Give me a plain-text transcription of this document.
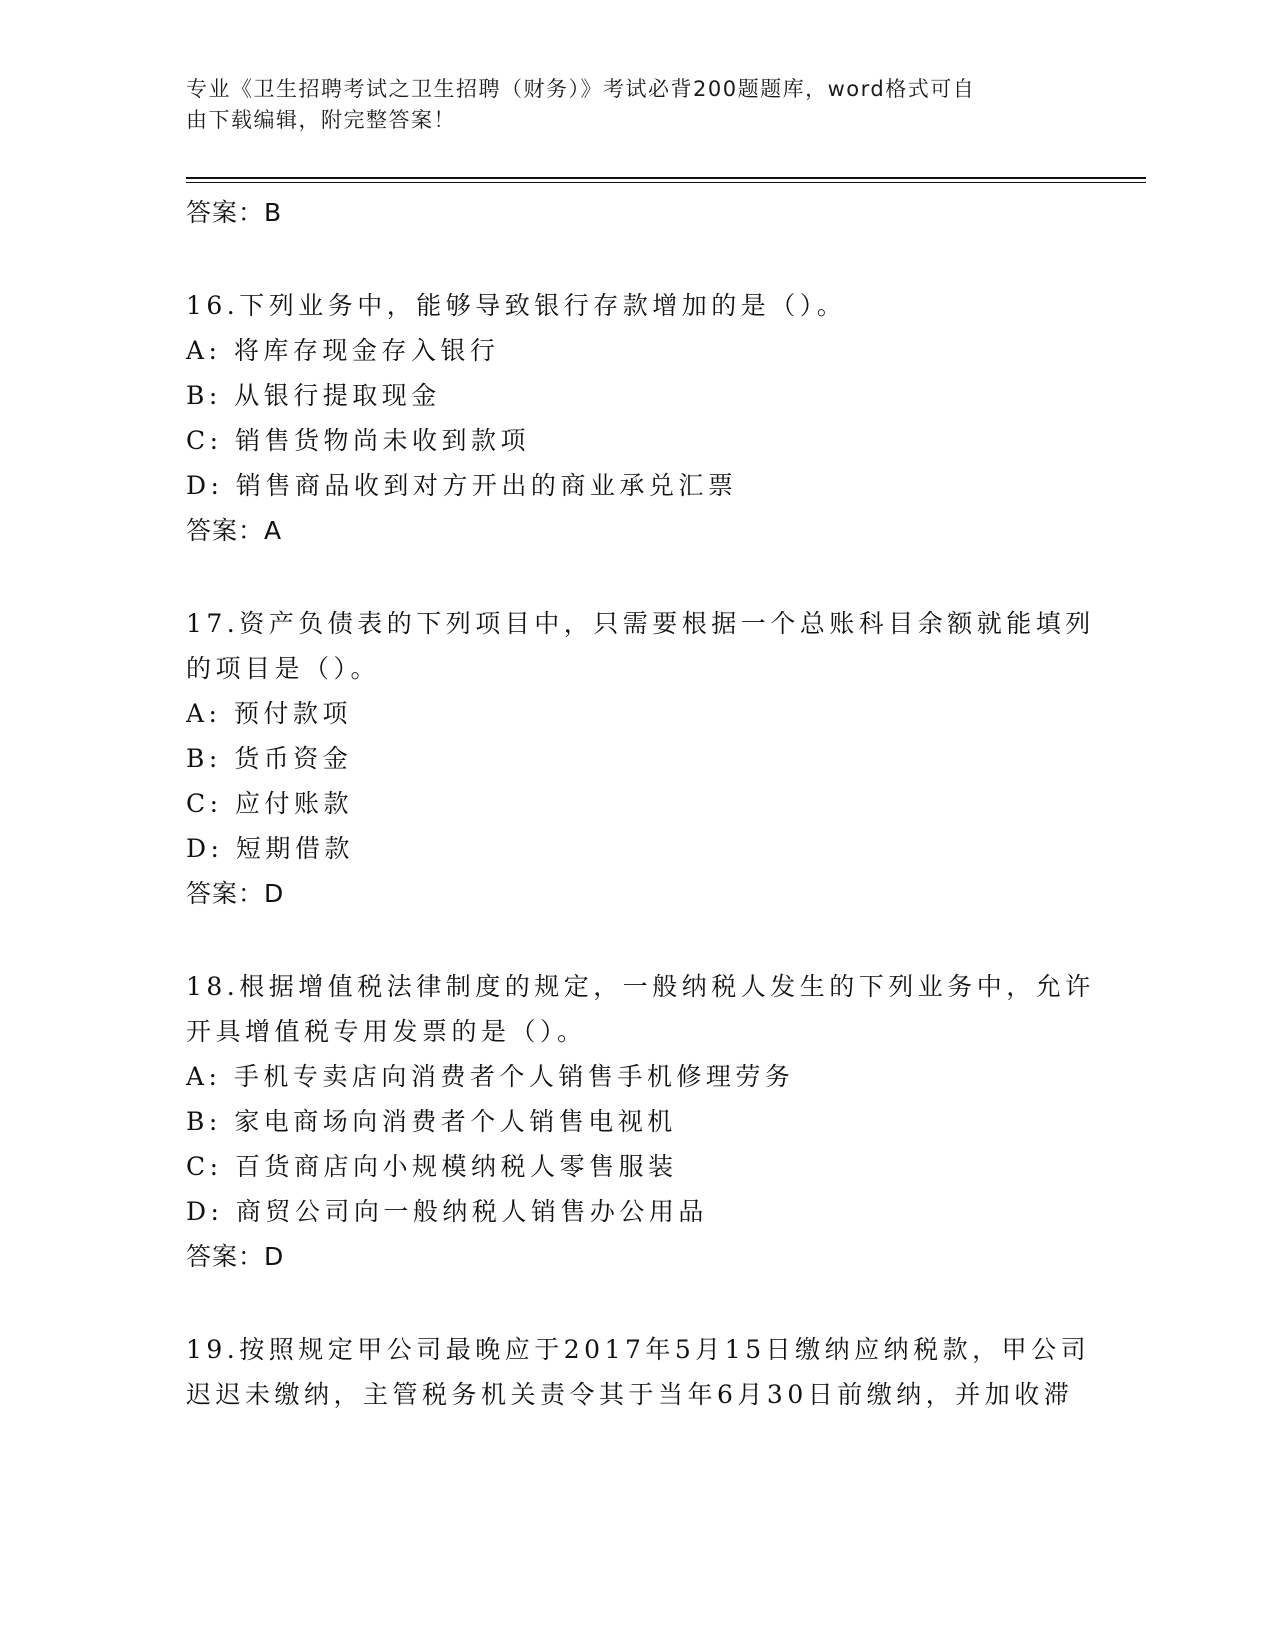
专业《卫生招聘考试之卫生招聘（财务）》考试必背200题题库，word格式可自
由下载编辑，附完整答案！
答案：B
16.下列业务中，能够导致银行存款增加的是（）。
A: 将库存现金存入银行
B: 从银行提取现金
C: 销售货物尚未收到款项
D: 销售商品收到对方开出的商业承兑汇票
答案：A
17.资产负债表的下列项目中，只需要根据一个总账科目余额就能填列
的项目是（）。
A: 预付款项
B: 货币资金
C: 应付账款
D: 短期借款
答案：D
18.根据增值税法律制度的规定，一般纳税人发生的下列业务中，允许
开具增值税专用发票的是（）。
A: 手机专卖店向消费者个人销售手机修理劳务
B: 家电商场向消费者个人销售电视机
C: 百货商店向小规模纳税人零售服装
D: 商贸公司向一般纳税人销售办公用品
答案：D
19.按照规定甲公司最晚应于2017年5月15日缴纳应纳税款，甲公司
迟迟未缴纳，主管税务机关责令其于当年6月30日前缴纳，并加收滞
